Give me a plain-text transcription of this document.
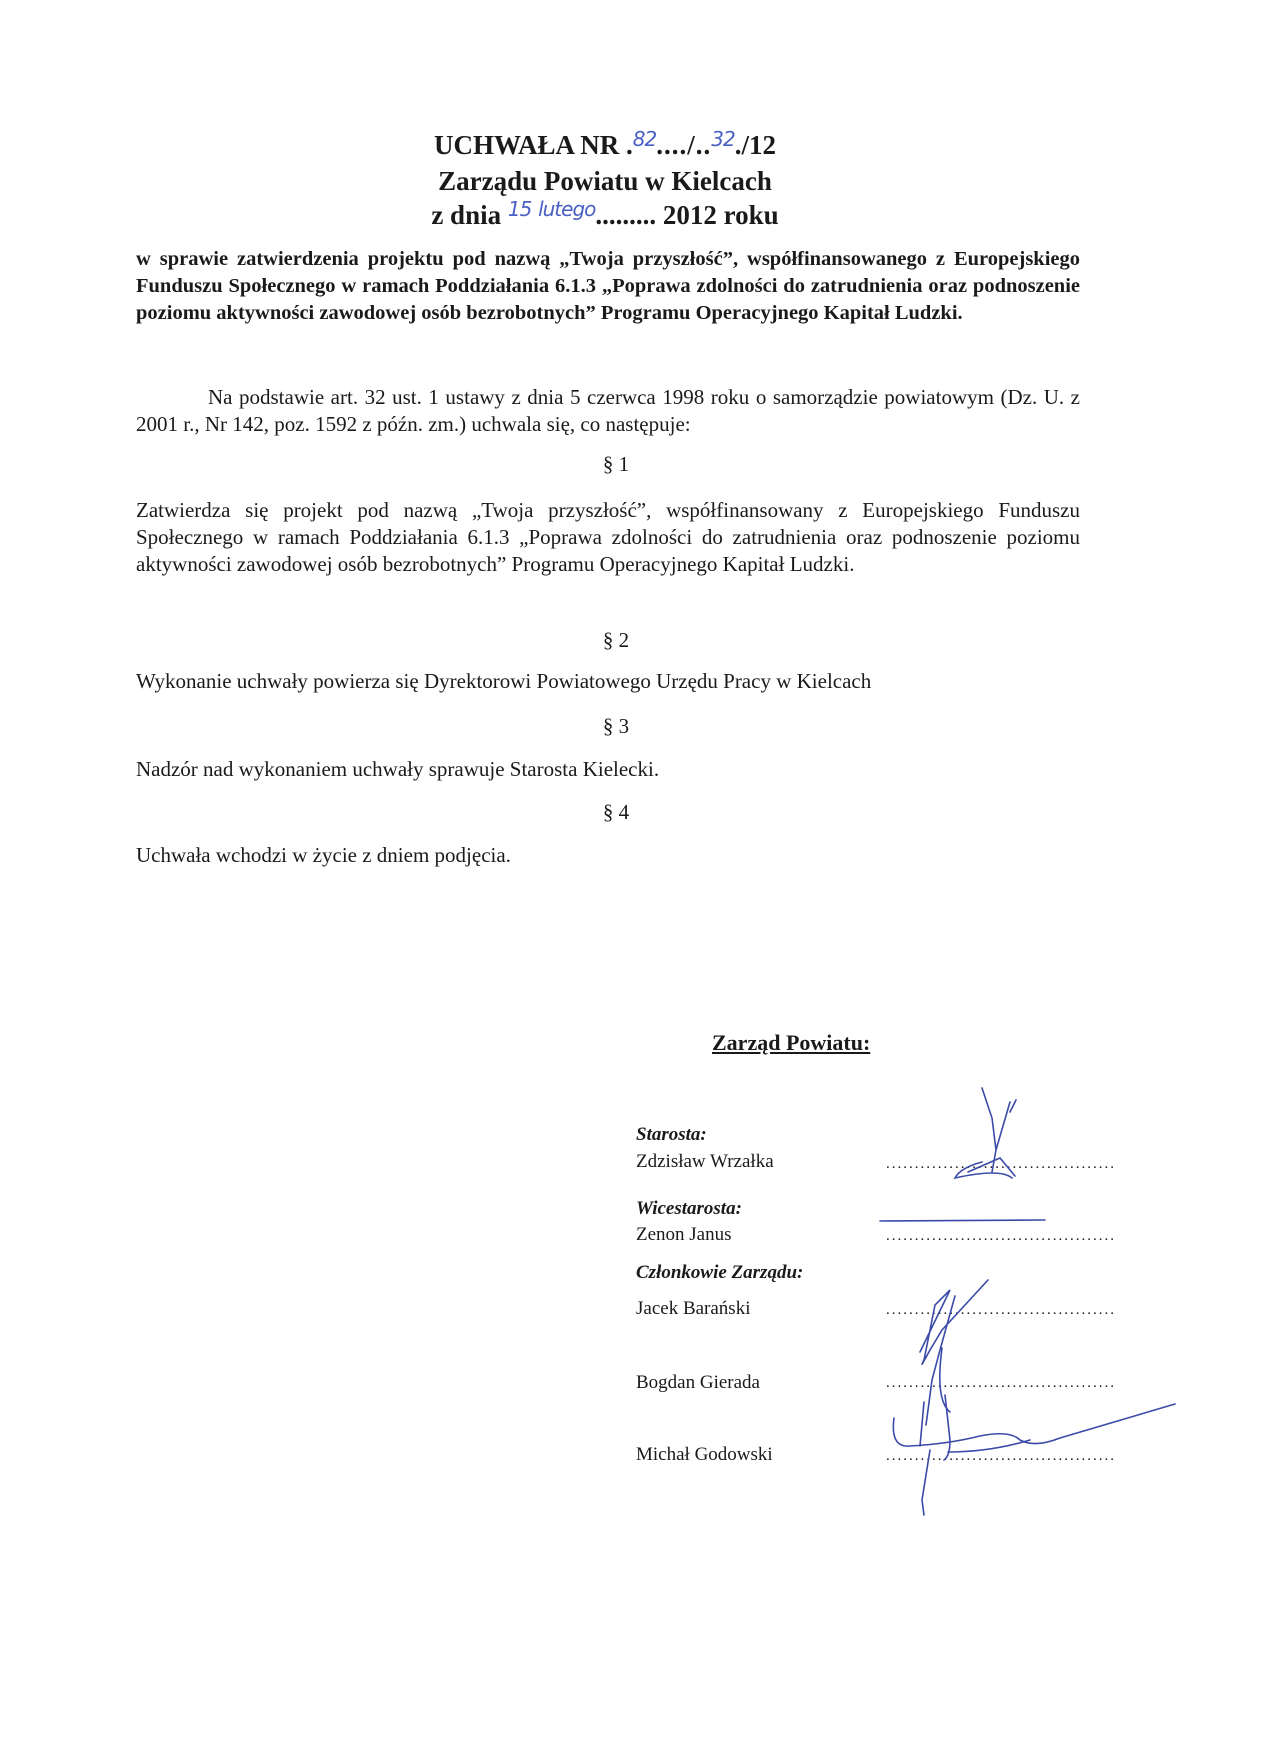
UCHWAŁA NR .$^{82}$..../..$^{32}$./12

Zarządu Powiatu w Kielcach

z dnia $^{15}$ $^{lutego}$......... 2012 roku

w sprawie zatwierdzenia projektu pod nazwą „Twoja przyszłość”, współfinansowanego z Europejskiego Funduszu Społecznego w ramach Poddziałania 6.1.3 „Poprawa zdolności do zatrudnienia oraz podnoszenie poziomu aktywności zawodowej osób bezrobotnych” Programu Operacyjnego Kapitał Ludzki.

Na podstawie art. 32 ust. 1 ustawy z dnia 5 czerwca 1998 roku o samorządzie powiatowym (Dz. U. z 2001 r., Nr 142, poz. 1592 z późn. zm.) uchwala się, co następuje:

§ 1

Zatwierdza się projekt pod nazwą „Twoja przyszłość”, współfinansowany z Europejskiego Funduszu Społecznego w ramach Poddziałania 6.1.3 „Poprawa zdolności do zatrudnienia oraz podnoszenie poziomu aktywności zawodowej osób bezrobotnych” Programu Operacyjnego Kapitał Ludzki.

§ 2

Wykonanie uchwały powierza się Dyrektorowi Powiatowego Urzędu Pracy w Kielcach

§ 3

Nadzór nad wykonaniem uchwały sprawuje Starosta Kielecki.

§ 4

Uchwała wchodzi w życie z dniem podjęcia.

Zarząd Powiatu:
Starosta:
Zdzisław Wrzałka	........................................
Wicestarosta:
Zenon Janus	........................................
Członkowie Zarządu:
Jacek Barański	........................................
Bogdan Gierada	........................................
Michał Godowski	........................................
